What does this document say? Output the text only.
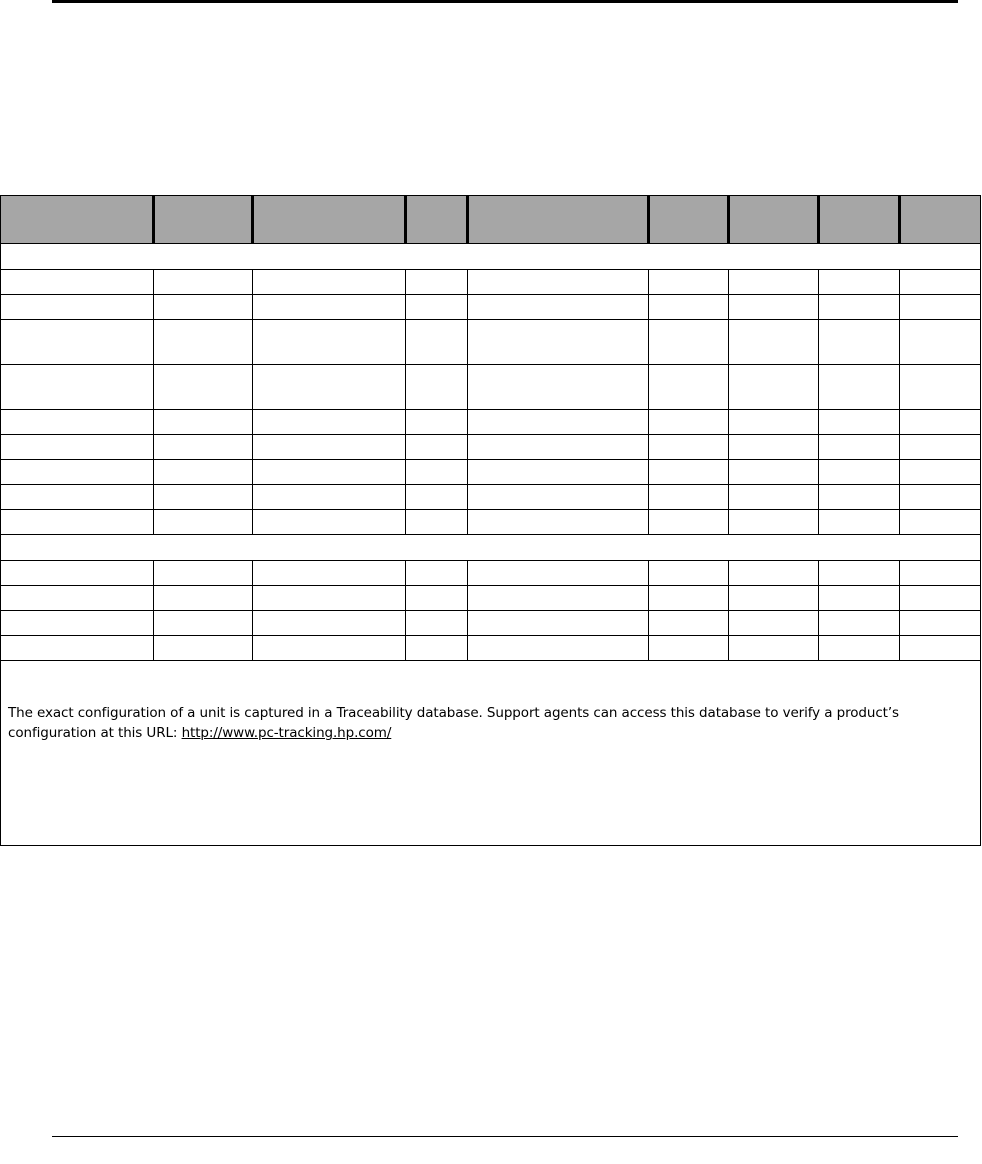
The exact configuration of a unit is captured in a Traceability database. Support agents can access this database to verify a product’s configuration at this URL: http://www.pc-tracking.hp.com/								
